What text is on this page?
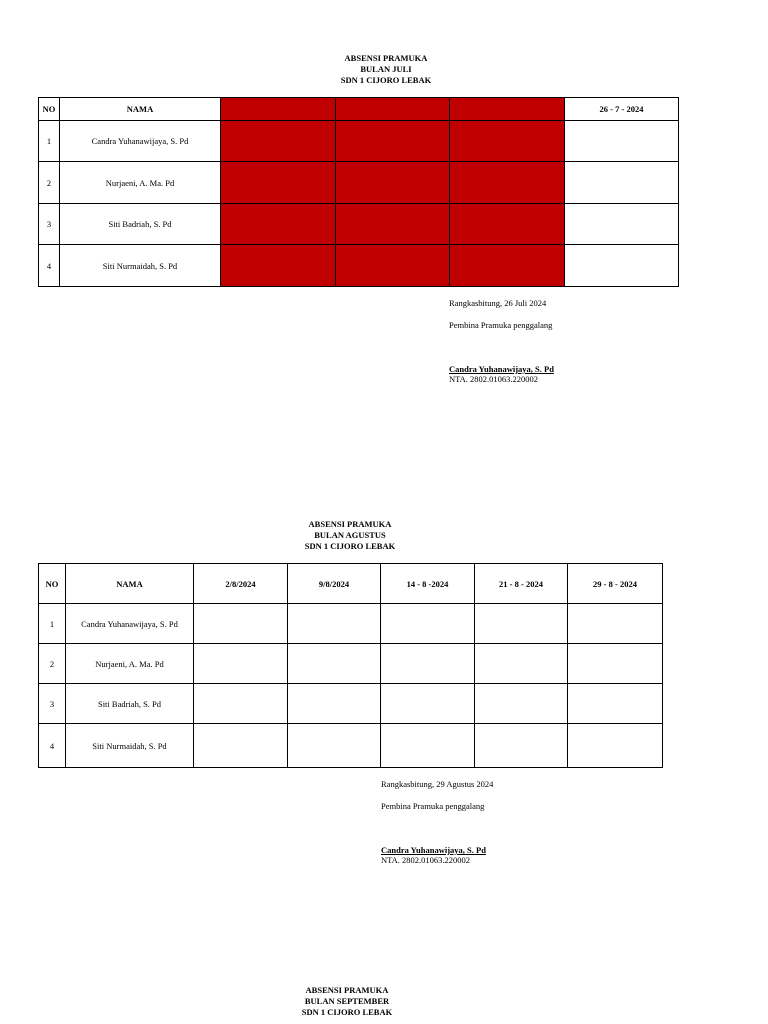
ABSENSI PRAMUKA
BULAN JULI
SDN 1 CIJORO LEBAK
NO	NAMA				26 - 7 - 2024
1	Candra Yuhanawijaya, S. Pd				
2	Nurjaeni, A. Ma. Pd				
3	Siti Badriah, S. Pd				
4	Siti Nurmaidah, S. Pd				
Rangkasbitung, 26 Juli 2024
Pembina Pramuka penggalang
Candra Yuhanawijaya, S. Pd
NTA. 2802.01063.220002
ABSENSI PRAMUKA
BULAN AGUSTUS
SDN 1 CIJORO LEBAK
NO	NAMA	2/8/2024	9/8/2024	14 - 8 -2024	21 - 8 - 2024	29 - 8 - 2024
1	Candra Yuhanawijaya, S. Pd					
2	Nurjaeni, A. Ma. Pd					
3	Siti Badriah, S. Pd					
4	Siti Nurmaidah, S. Pd					
Rangkasbitung, 29 Agustus 2024
Pembina Pramuka penggalang
Candra Yuhanawijaya, S. Pd
NTA. 2802.01063.220002
ABSENSI PRAMUKA
BULAN SEPTEMBER
SDN 1 CIJORO LEBAK
